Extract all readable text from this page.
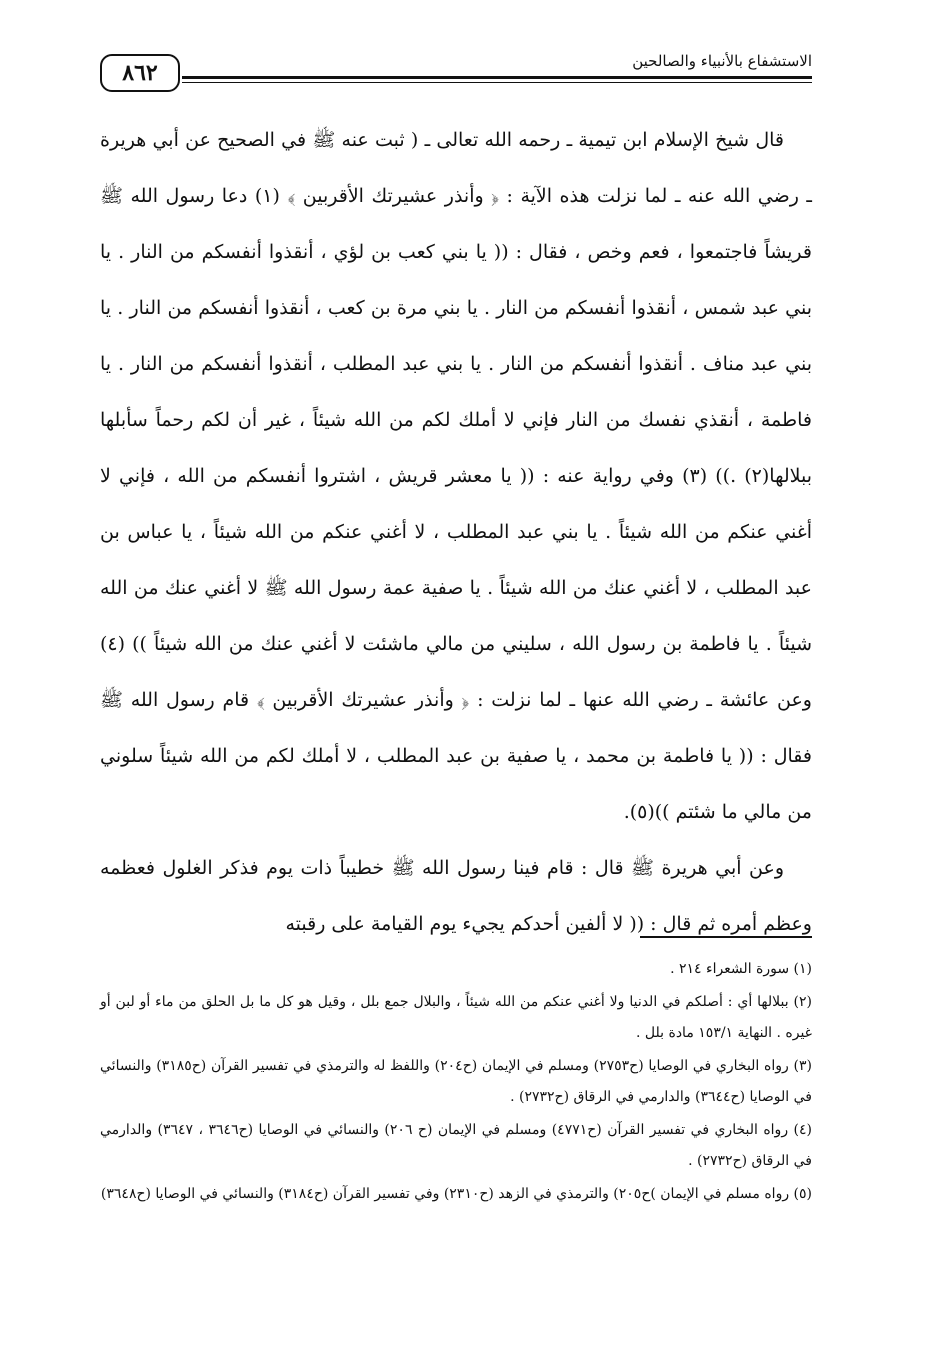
٨٦٢	الاستشفاع بالأنبياء والصالحين

قال شيخ الإسلام ابن تيمية ـ رحمه الله تعالى ـ ( ثبت عنه ﷺ في الصحيح عن أبي هريرة ـ رضي الله عنه ـ لما نزلت هذه الآية : ﴿ وأنذر عشيرتك الأقربين ﴾ (١) دعا رسول الله ﷺ قريشاً فاجتمعوا ، فعم وخص ، فقال : (( يا بني كعب بن لؤي ، أنقذوا أنفسكم من النار . يا بني عبد شمس ، أنقذوا أنفسكم من النار . يا بني مرة بن كعب ، أنقذوا أنفسكم من النار . يا بني عبد مناف . أنقذوا أنفسكم من النار . يا بني عبد المطلب ، أنقذوا أنفسكم من النار . يا فاطمة ، أنقذي نفسك من النار فإني لا أملك لكم من الله شيئاً ، غير أن لكم رحماً سأبلها ببلالها(٢) .)) (٣) وفي رواية عنه : (( يا معشر قريش ، اشتروا أنفسكم من الله ، فإني لا أغني عنكم من الله شيئاً . يا بني عبد المطلب ، لا أغني عنكم من الله شيئاً ، يا عباس بن عبد المطلب ، لا أغني عنك من الله شيئاً . يا صفية عمة رسول الله ﷺ لا أغني عنك من الله شيئاً . يا فاطمة بن رسول الله ، سليني من مالي ماشئت لا أغني عنك من الله شيئاً )) (٤) وعن عائشة ـ رضي الله عنها ـ لما نزلت : ﴿ وأنذر عشيرتك الأقربين ﴾ قام رسول الله ﷺ فقال : (( يا فاطمة بن محمد ، يا صفية بن عبد المطلب ، لا أملك لكم من الله شيئاً سلوني من مالي ما شئتم ))(٥).

وعن أبي هريرة ﷺ قال : قام فينا رسول الله ﷺ خطيباً ذات يوم فذكر الغلول فعظمه وعظم أمره ثم قال : (( لا ألفين أحدكم يجيء يوم القيامة على رقبته

(١) سورة الشعراء ٢١٤ .

(٢) ببلالها أي : أصلكم في الدنيا ولا أغني عنكم من الله شيئاً ، والبلال جمع بلل ، وقيل هو كل ما بل الحلق من ماء أو لبن أو غيره . النهاية ١٥٣/١ مادة بلل .

(٣) رواه البخاري في الوصايا (ح٢٧٥٣) ومسلم في الإيمان (ح٢٠٤) واللفظ له والترمذي في تفسير القرآن (ح٣١٨٥) والنسائي في الوصايا (ح٣٦٤٤) والدارمي في الرقاق (ح٢٧٣٢) .

(٤) رواه البخاري في تفسير القرآن (ح٤٧٧١) ومسلم في الإيمان (ح ٢٠٦) والنسائي في الوصايا (ح٣٦٤٦ ، ٣٦٤٧) والدارمي في الرقاق (ح٢٧٣٢) .

(٥) رواه مسلم في الإيمان )ح٢٠٥) والترمذي في الزهد (ح٢٣١٠) وفي تفسير القرآن (ح٣١٨٤) والنسائي في الوصايا (ح٣٦٤٨)
